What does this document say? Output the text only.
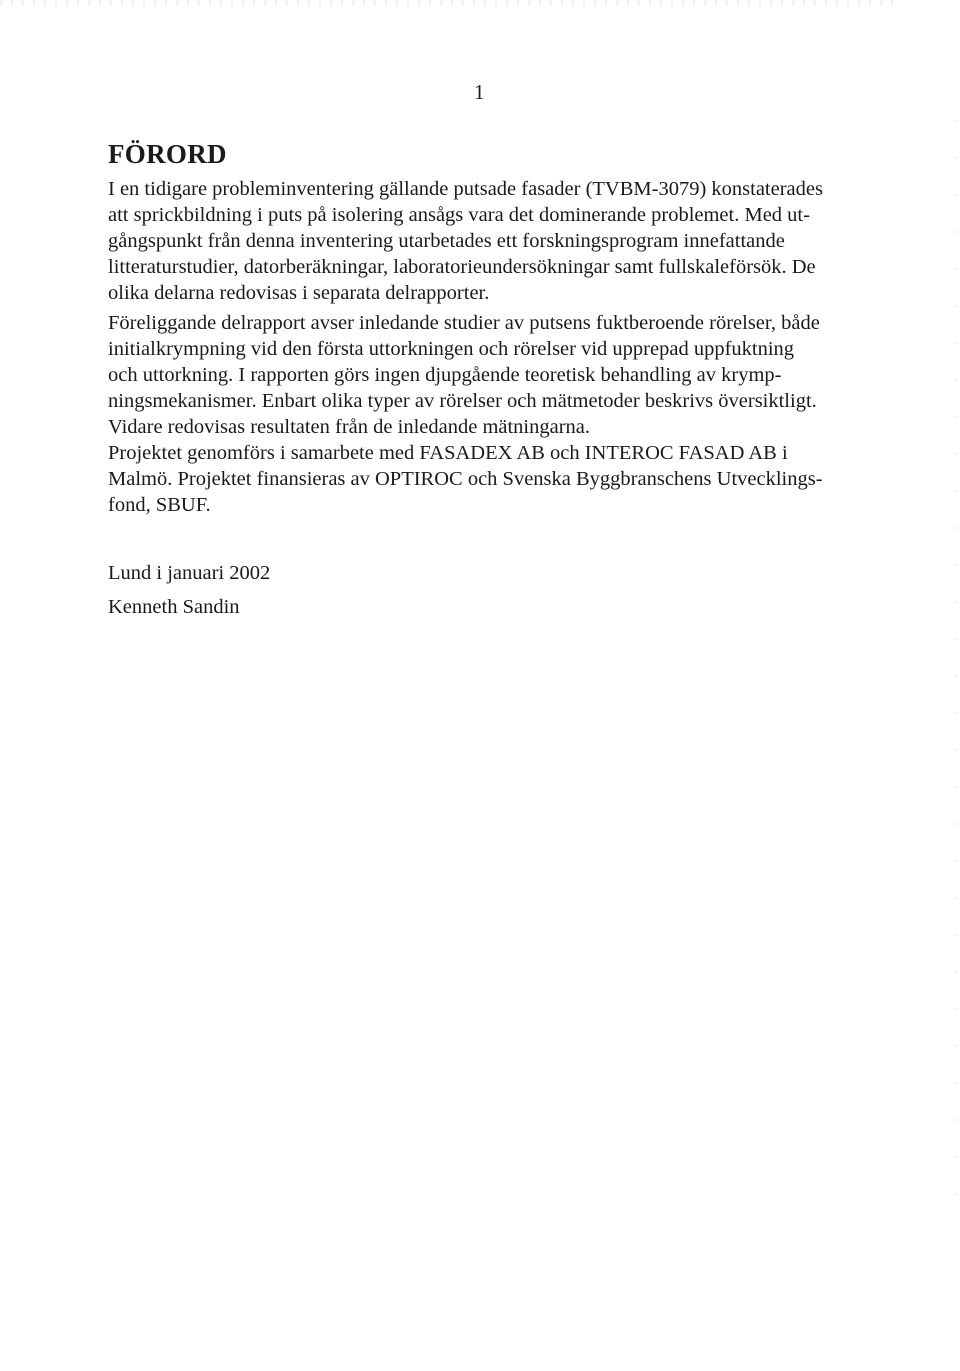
1
FÖRORD

I en tidigare probleminventering gällande putsade fasader (TVBM-3079) konstaterades
att sprickbildning i puts på isolering ansågs vara det dominerande problemet. Med ut-
gångspunkt från denna inventering utarbetades ett forskningsprogram innefattande
litteraturstudier, datorberäkningar, laboratorieundersökningar samt fullskaleförsök. De
olika delarna redovisas i separata delrapporter.

Föreliggande delrapport avser inledande studier av putsens fuktberoende rörelser, både
initialkrympning vid den första uttorkningen och rörelser vid upprepad uppfuktning
och uttorkning. I rapporten görs ingen djupgående teoretisk behandling av krymp-
ningsmekanismer. Enbart olika typer av rörelser och mätmetoder beskrivs översiktligt.
Vidare redovisas resultaten från de inledande mätningarna.

Projektet genomförs i samarbete med FASADEX AB och INTEROC FASAD AB i
Malmö. Projektet finansieras av OPTIROC och Svenska Byggbranschens Utvecklings-
fond, SBUF.

Lund i januari 2002
Kenneth Sandin
